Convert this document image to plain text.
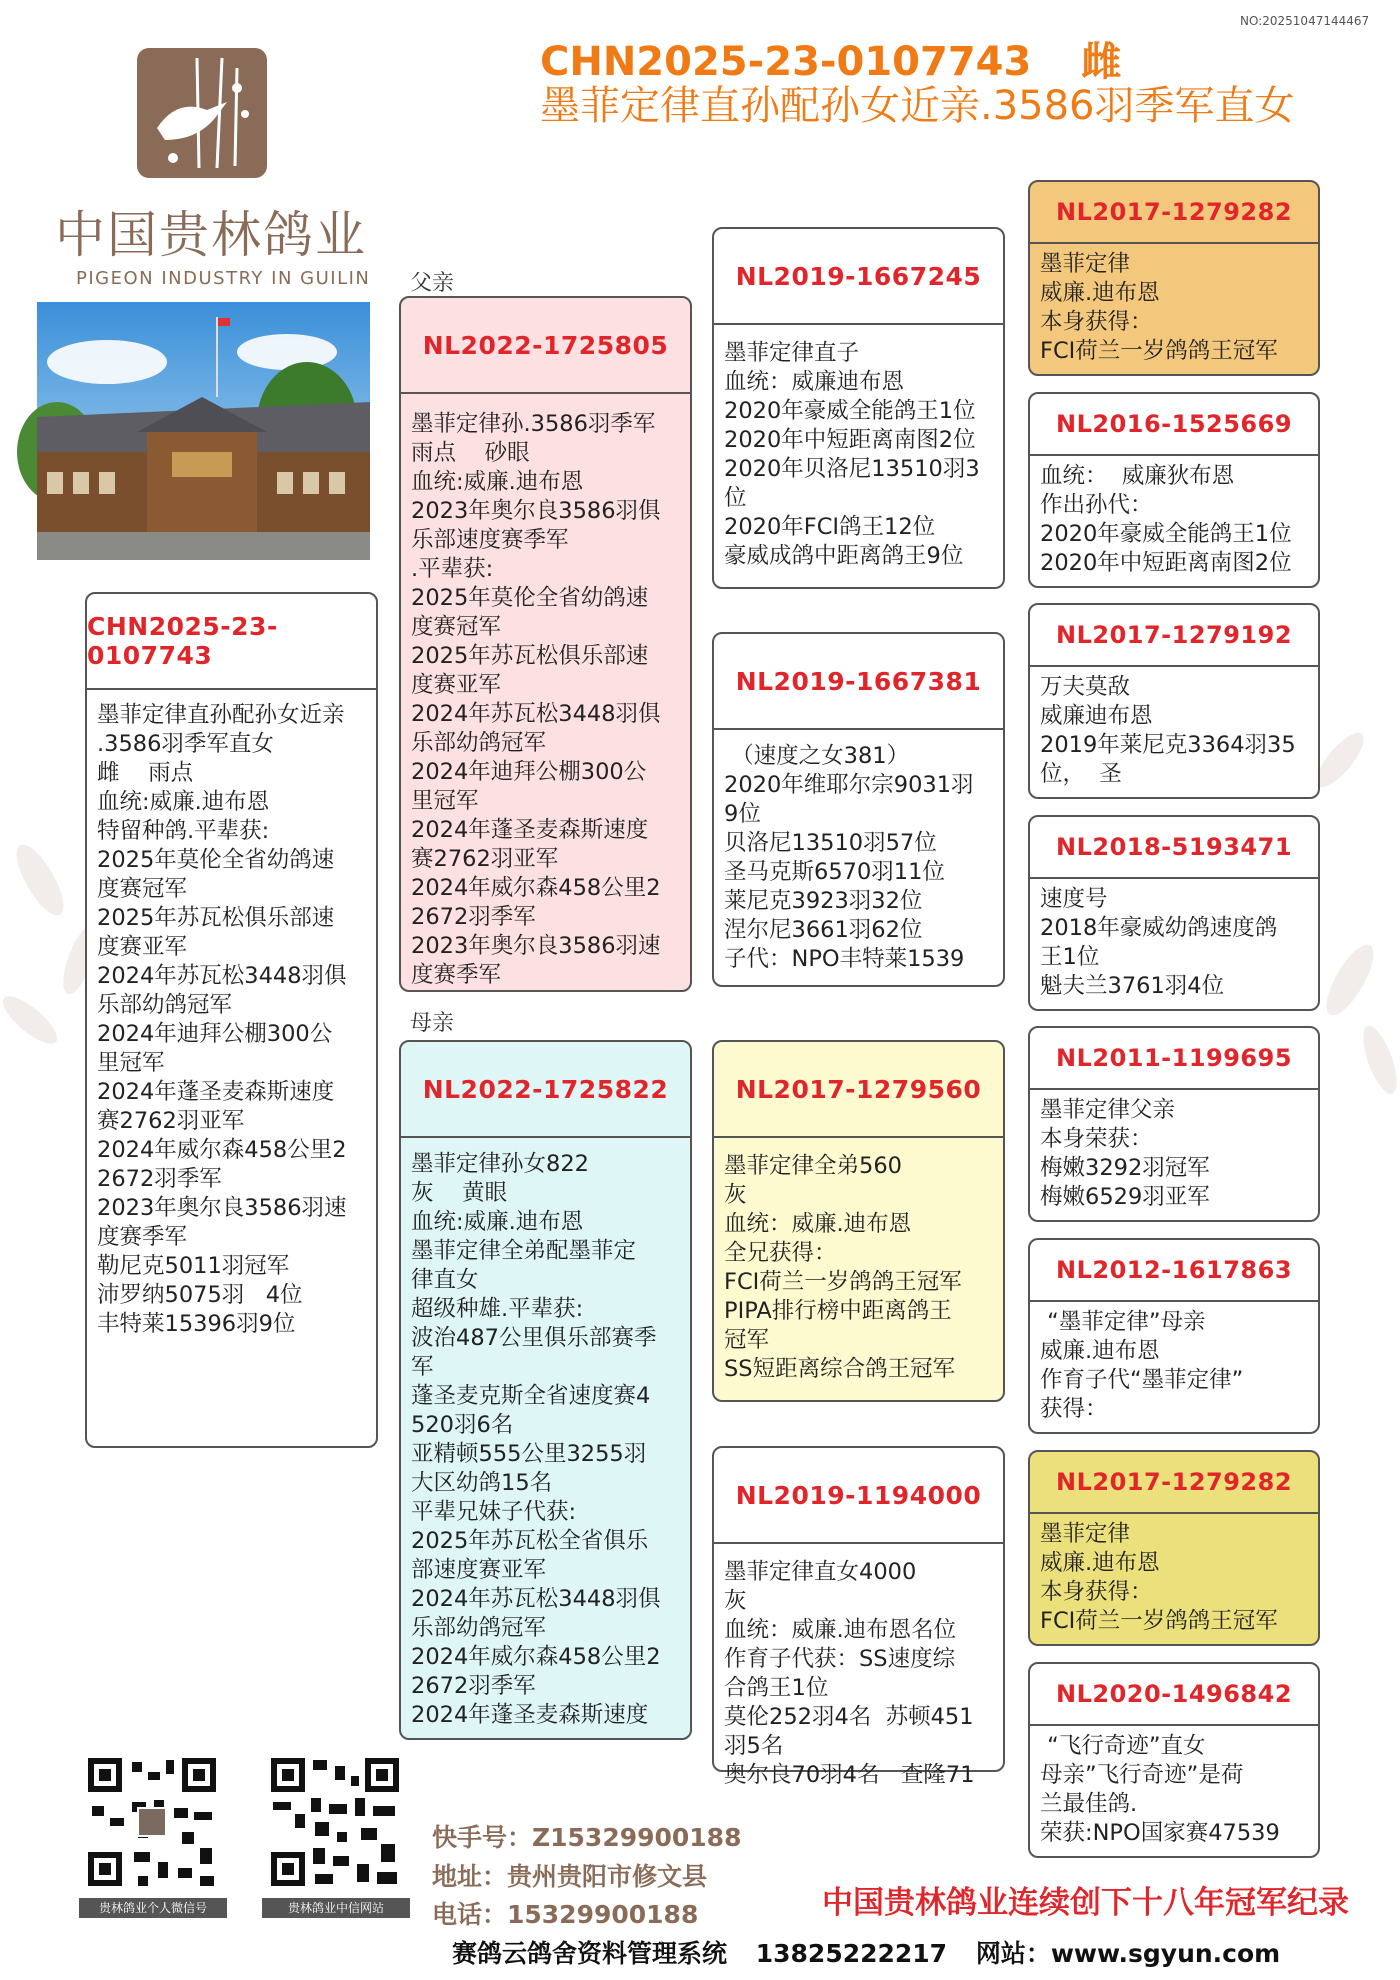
NO:20251047144467
CHN2025-23-0107743 雌
墨菲定律直孙配孙女近亲.3586羽季军直女
中国贵林鸽业
PIGEON INDUSTRY IN GUILIN 父亲
母亲
CHN2025-23-0107743
墨菲定律直孙配孙女近亲
.3586羽季军直女
雌    雨点
血统:威廉.迪布恩
特留种鸽.平辈获:
2025年莫伦全省幼鸽速
度赛冠军
2025年苏瓦松俱乐部速
度赛亚军
2024年苏瓦松3448羽俱
乐部幼鸽冠军
2024年迪拜公棚300公
里冠军
2024年蓬圣麦森斯速度
赛2762羽亚军
2024年威尔森458公里2
2672羽季军
2023年奥尔良3586羽速
度赛季军
勒尼克5011羽冠军
沛罗纳5075羽   4位
丰特莱15396羽9位
NL2022-1725805
墨菲定律孙.3586羽季军
雨点    砂眼
血统:威廉.迪布恩
2023年奥尔良3586羽俱
乐部速度赛季军
.平辈获:
2025年莫伦全省幼鸽速
度赛冠军
2025年苏瓦松俱乐部速
度赛亚军
2024年苏瓦松3448羽俱
乐部幼鸽冠军
2024年迪拜公棚300公
里冠军
2024年蓬圣麦森斯速度
赛2762羽亚军
2024年威尔森458公里2
2672羽季军
2023年奥尔良3586羽速
度赛季军
NL2022-1725822
墨菲定律孙女822
灰    黄眼
血统:威廉.迪布恩
墨菲定律全弟配墨菲定
律直女
超级种雄.平辈获:
波治487公里俱乐部赛季
军
蓬圣麦克斯全省速度赛4
520羽6名
亚精顿555公里3255羽
大区幼鸽15名
平辈兄妹子代获:
2025年苏瓦松全省俱乐
部速度赛亚军
2024年苏瓦松3448羽俱
乐部幼鸽冠军
2024年威尔森458公里2
2672羽季军
2024年蓬圣麦森斯速度
NL2019-1667245
墨菲定律直子
血统：威廉迪布恩
2020年豪威全能鸽王1位
2020年中短距离南图2位
2020年贝洛尼13510羽3
位
2020年FCI鸽王12位
豪威成鸽中距离鸽王9位
NL2019-1667381
（速度之女381）
2020年维耶尔宗9031羽
9位
贝洛尼13510羽57位
圣马克斯6570羽11位
莱尼克3923羽32位
涅尔尼3661羽62位
子代：NPO丰特莱1539
NL2017-1279560
墨菲定律全弟560
灰
血统：威廉.迪布恩
全兄获得：
FCI荷兰一岁鸽鸽王冠军
PIPA排行榜中距离鸽王
冠军
SS短距离综合鸽王冠军
NL2019-1194000
墨菲定律直女4000
灰
血统：威廉.迪布恩名位
作育子代获：SS速度综
合鸽王1位
莫伦252羽4名  苏顿451
羽5名
奥尔良70羽4名   查隆71
NL2017-1279282
墨菲定律
威廉.迪布恩
本身获得：
FCI荷兰一岁鸽鸽王冠军
NL2016-1525669
血统：  威廉狄布恩
作出孙代：
2020年豪威全能鸽王1位
2020年中短距离南图2位
NL2017-1279192
万夫莫敌
威廉迪布恩
2019年莱尼克3364羽35
位，  圣
NL2018-5193471
速度号
2018年豪威幼鸽速度鸽
王1位
魁夫兰3761羽4位
NL2011-1199695
墨菲定律父亲
本身荣获：
梅嫩3292羽冠军
梅嫩6529羽亚军
NL2012-1617863
“墨菲定律”母亲
威廉.迪布恩
作育子代“墨菲定律”
获得：
NL2017-1279282
墨菲定律
威廉.迪布恩
本身获得：
FCI荷兰一岁鸽鸽王冠军
NL2020-1496842
“飞行奇迹”直女
母亲”飞行奇迹”是荷
兰最佳鸽.
荣获:NPO国家赛47539
贵林鸽业个人微信号	贵林鸽业中信网站
快手号：Z15329900188
地址：贵州贵阳市修文县
电话：15329900188	中国贵林鸽业连续创下十八年冠军纪录
赛鸽云鸽舍资料管理系统 13825222217 网站：www.sgyun.com
